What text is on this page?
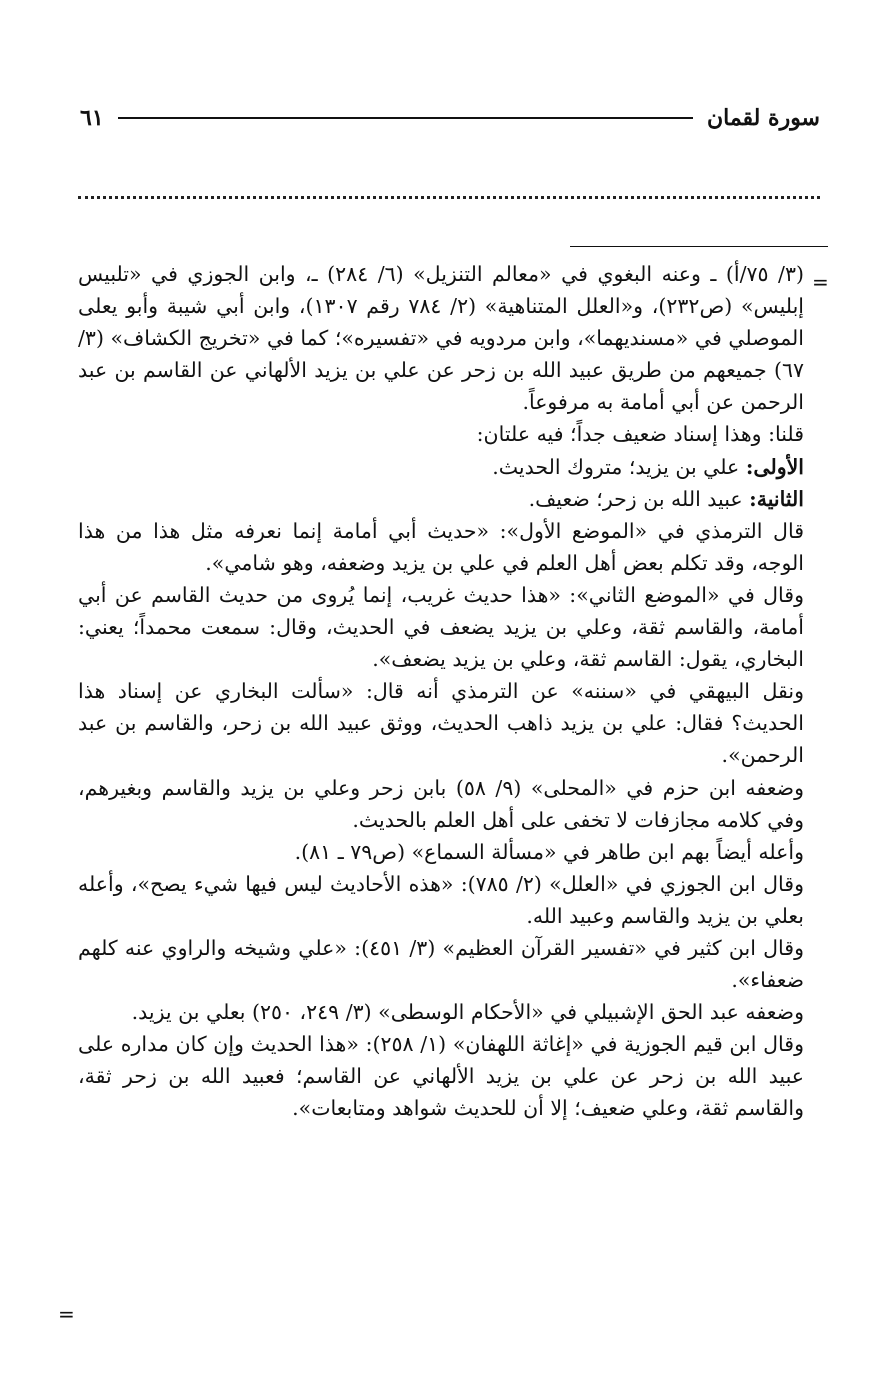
سورة لقمان
٦١
=

(٣/ ٧٥/أ) ـ وعنه البغوي في «معالم التنزيل» (٦/ ٢٨٤) ـ، وابن الجوزي في «تلبيس إبليس» (ص٢٣٢)، و«العلل المتناهية» (٢/ ٧٨٤ رقم ١٣٠٧)، وابن أبي شيبة وأبو يعلى الموصلي في «مسنديهما»، وابن مردويه في «تفسيره»؛ كما في «تخريج الكشاف» (٣/ ٦٧) جميعهم من طريق عبيد الله بن زحر عن علي بن يزيد الألهاني عن القاسم بن عبد الرحمن عن أبي أمامة به مرفوعاً.

قلنا: وهذا إسناد ضعيف جداً؛ فيه علتان:

الأولى: علي بن يزيد؛ متروك الحديث.

الثانية: عبيد الله بن زحر؛ ضعيف.

قال الترمذي في «الموضع الأول»: «حديث أبي أمامة إنما نعرفه مثل هذا من هذا الوجه، وقد تكلم بعض أهل العلم في علي بن يزيد وضعفه، وهو شامي».

وقال في «الموضع الثاني»: «هذا حديث غريب، إنما يُروى من حديث القاسم عن أبي أمامة، والقاسم ثقة، وعلي بن يزيد يضعف في الحديث، وقال: سمعت محمداً؛ يعني: البخاري، يقول: القاسم ثقة، وعلي بن يزيد يضعف».

ونقل البيهقي في «سننه» عن الترمذي أنه قال: «سألت البخاري عن إسناد هذا الحديث؟ فقال: علي بن يزيد ذاهب الحديث، ووثق عبيد الله بن زحر، والقاسم بن عبد الرحمن».

وضعفه ابن حزم في «المحلى» (٩/ ٥٨) بابن زحر وعلي بن يزيد والقاسم وبغيرهم، وفي كلامه مجازفات لا تخفى على أهل العلم بالحديث.

وأعله أيضاً بهم ابن طاهر في «مسألة السماع» (ص٧٩ ـ ٨١).

وقال ابن الجوزي في «العلل» (٢/ ٧٨٥): «هذه الأحاديث ليس فيها شيء يصح»، وأعله بعلي بن يزيد والقاسم وعبيد الله.

وقال ابن كثير في «تفسير القرآن العظيم» (٣/ ٤٥١): «علي وشيخه والراوي عنه كلهم ضعفاء».

وضعفه عبد الحق الإشبيلي في «الأحكام الوسطى» (٣/ ٢٤٩، ٢٥٠) بعلي بن يزيد.

وقال ابن قيم الجوزية في «إغاثة اللهفان» (١/ ٢٥٨): «هذا الحديث وإن كان مداره على عبيد الله بن زحر عن علي بن يزيد الألهاني عن القاسم؛ فعبيد الله بن زحر ثقة، والقاسم ثقة، وعلي ضعيف؛ إلا أن للحديث شواهد ومتابعات».

=
